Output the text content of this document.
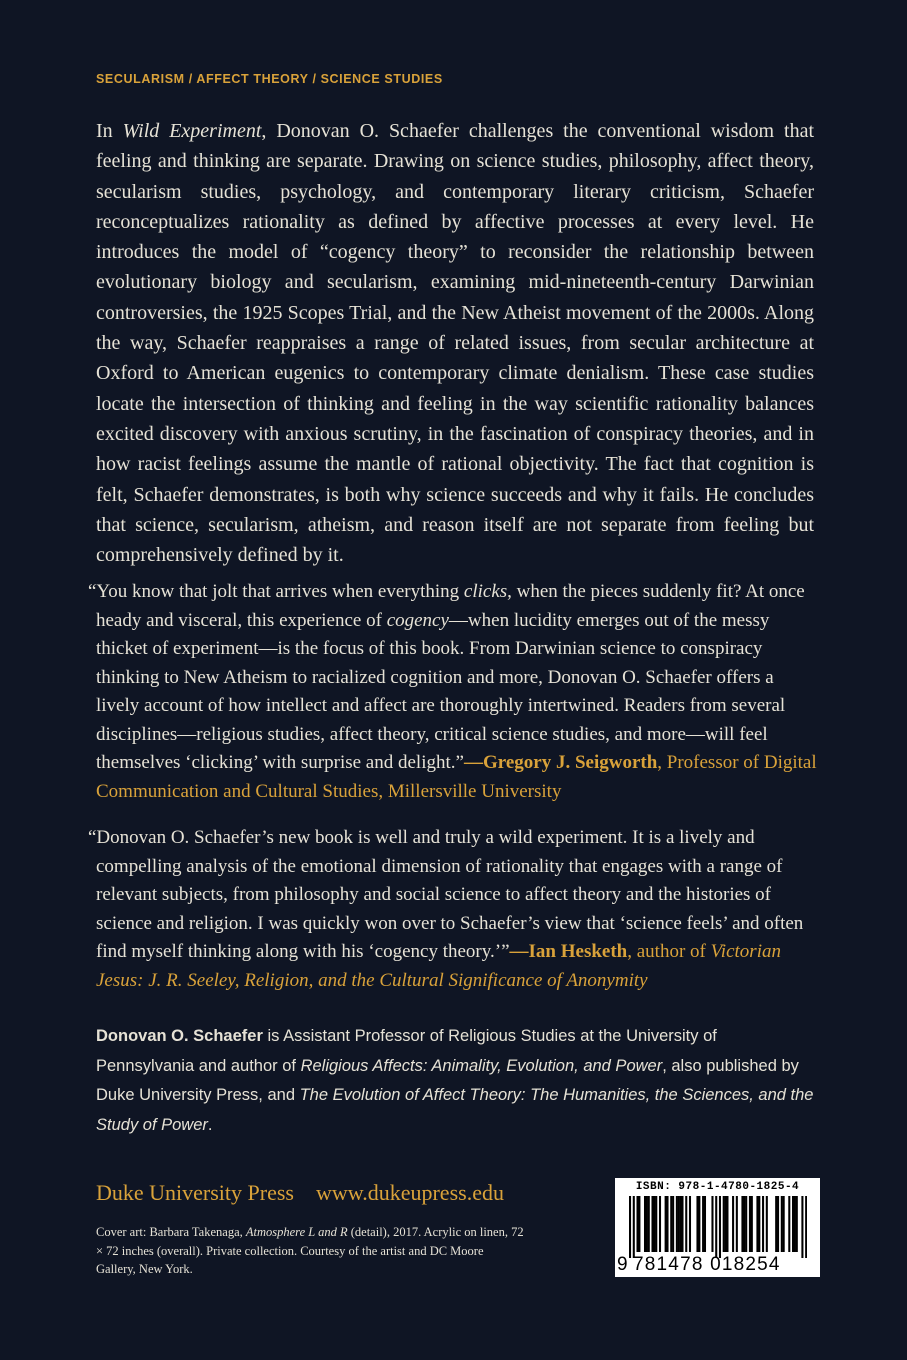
SECULARISM / AFFECT THEORY / SCIENCE STUDIES

In Wild Experiment, Donovan O. Schaefer challenges the conventional wisdom that feeling and thinking are separate. Drawing on science studies, philosophy, affect theory, secularism studies, psychology, and contemporary literary criticism, Schaefer reconceptualizes rationality as defined by affective processes at every level. He introduces the model of “cogency theory” to reconsider the relationship between evolutionary biology and secularism, examining mid-nineteenth-century Darwinian controversies, the 1925 Scopes Trial, and the New Atheist movement of the 2000s. Along the way, Schaefer reappraises a range of related issues, from secular architecture at Oxford to American eugenics to contemporary climate denialism. These case studies locate the intersection of thinking and feeling in the way scientific rationality balances excited discovery with anxious scrutiny, in the fascination of conspiracy theories, and in how racist feelings assume the mantle of rational objectivity. The fact that cognition is felt, Schaefer demonstrates, is both why science succeeds and why it fails. He concludes that science, secularism, atheism, and reason itself are not separate from feeling but comprehensively defined by it.

“You know that jolt that arrives when everything clicks, when the pieces suddenly fit? At once heady and visceral, this experience of cogency—when lucidity emerges out of the messy thicket of experiment—is the focus of this book. From Darwinian science to conspiracy thinking to New Atheism to racialized cognition and more, Donovan O. Schaefer offers a lively account of how intellect and affect are thoroughly intertwined. Readers from several disciplines—religious studies, affect theory, critical science studies, and more—will feel themselves ‘clicking’ with surprise and delight.”—Gregory J. Seigworth, Professor of Digital Communication and Cultural Studies, Millersville University

“Donovan O. Schaefer’s new book is well and truly a wild experiment. It is a lively and compelling analysis of the emotional dimension of rationality that engages with a range of relevant subjects, from philosophy and social science to affect theory and the histories of science and religion. I was quickly won over to Schaefer’s view that ‘science feels’ and often find myself thinking along with his ‘cogency theory.’”—Ian Hesketh, author of Victorian Jesus: J. R. Seeley, Religion, and the Cultural Significance of Anonymity

Donovan O. Schaefer is Assistant Professor of Religious Studies at the University of Pennsylvania and author of Religious Affects: Animality, Evolution, and Power, also published by Duke University Press, and The Evolution of Affect Theory: The Humanities, the Sciences, and the Study of Power.

Duke University Press www.dukeupress.edu

Cover art: Barbara Takenaga, Atmosphere L and R (detail), 2017. Acrylic on linen, 72 × 72 inches (overall). Private collection. Courtesy of the artist and DC Moore Gallery, New York.

ISBN: 978-1-4780-1825-4
9 781478 018254
